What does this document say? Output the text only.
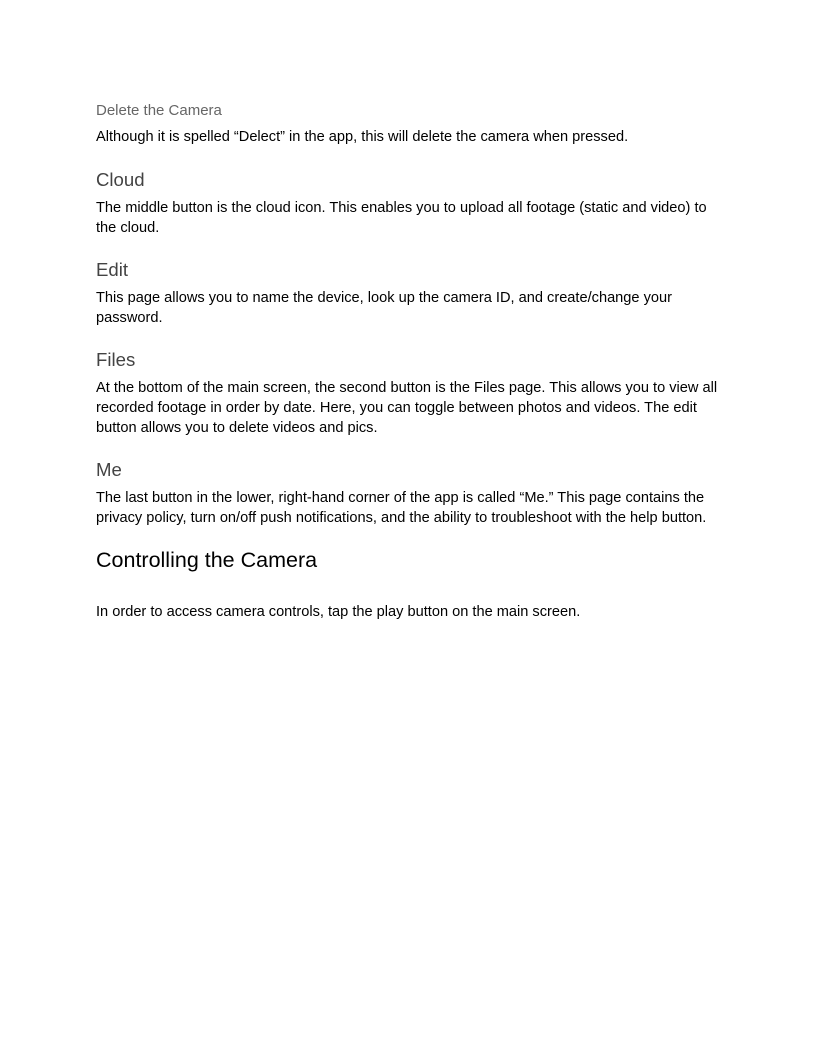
Delete the Camera

Although it is spelled “Delect” in the app, this will delete the camera when pressed.

Cloud

The middle button is the cloud icon. This enables you to upload all footage (static and video) to the cloud.

Edit

This page allows you to name the device, look up the camera ID, and create/change your password.

Files

At the bottom of the main screen, the second button is the Files page. This allows you to view all recorded footage in order by date. Here, you can toggle between photos and videos. The edit button allows you to delete videos and pics.

Me

The last button in the lower, right-hand corner of the app is called “Me.” This page contains the privacy policy, turn on/off push notifications, and the ability to troubleshoot with the help button.

Controlling the Camera

In order to access camera controls, tap the play button on the main screen.
